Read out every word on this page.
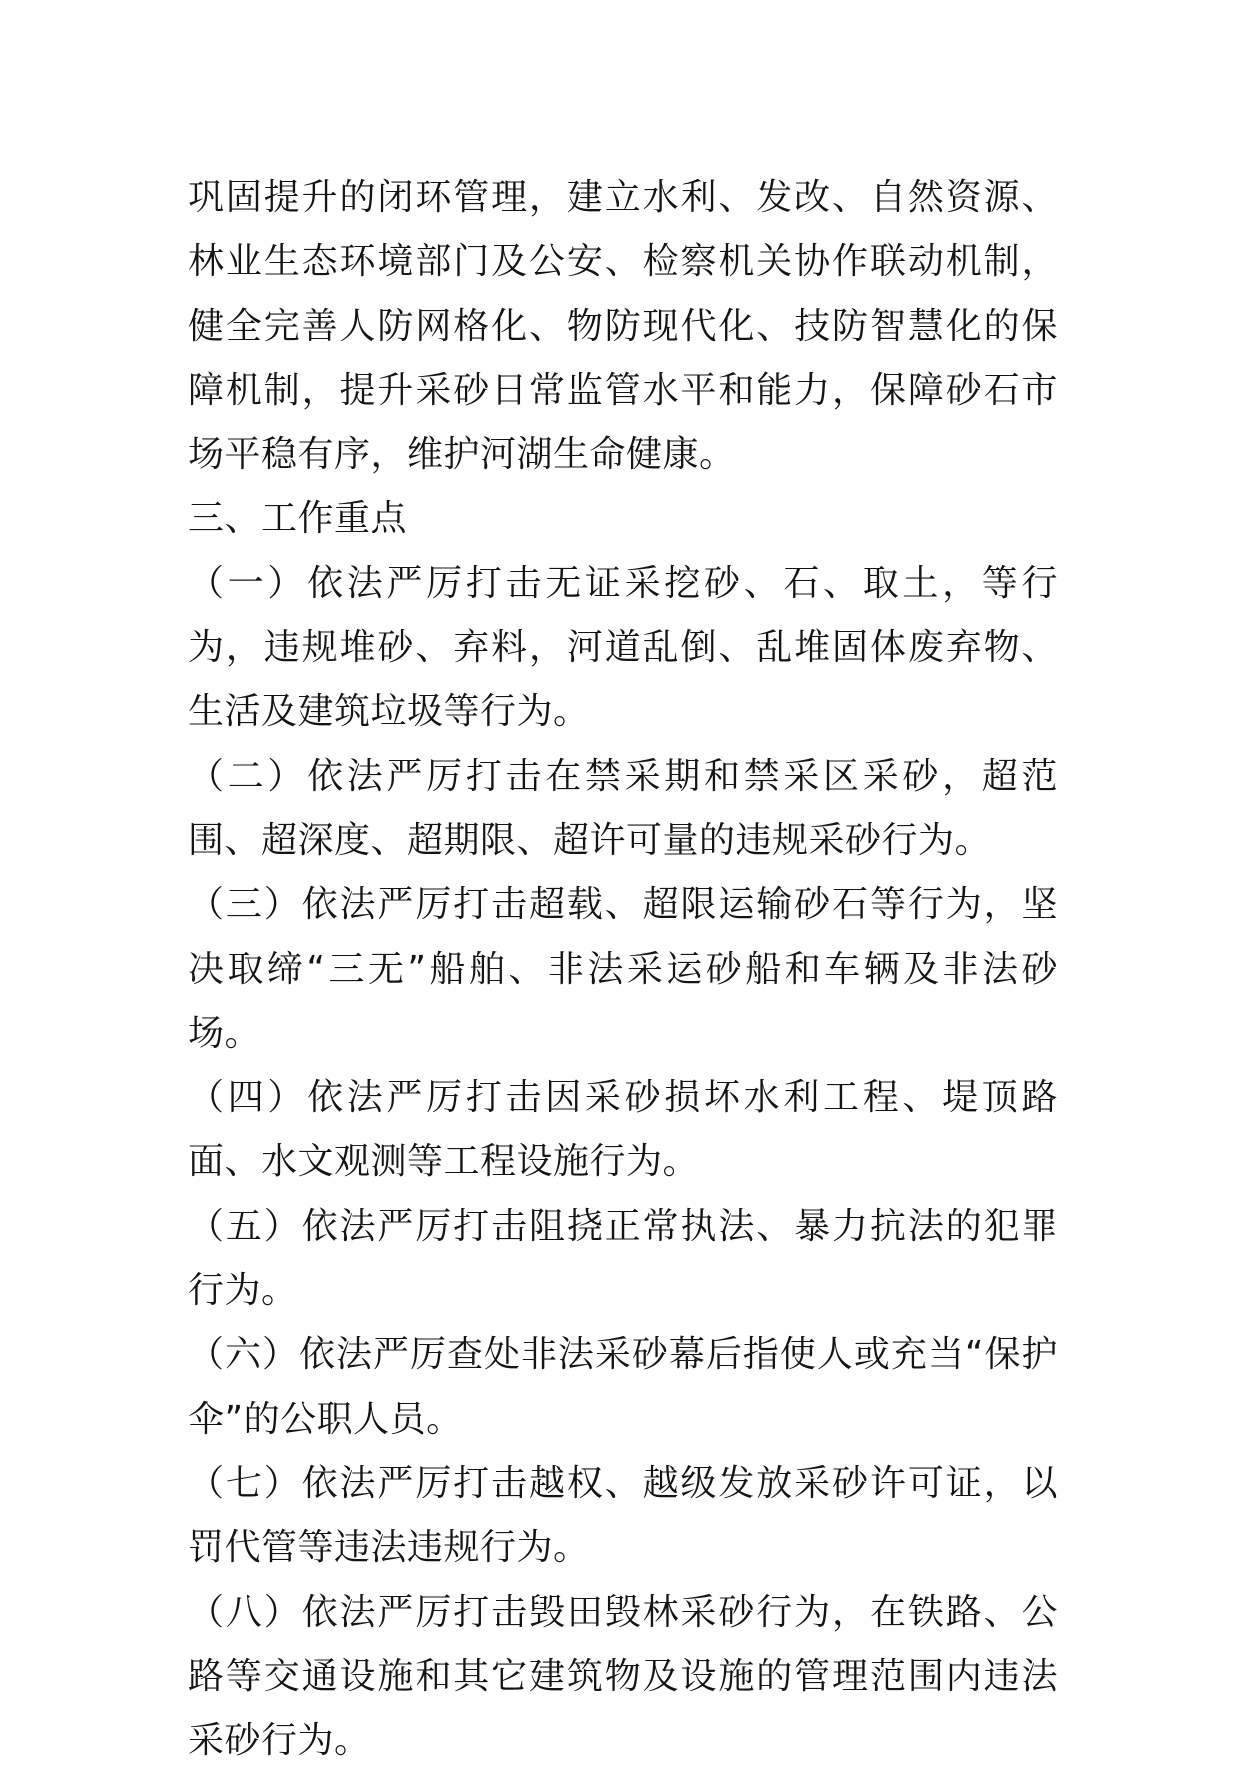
巩固提升的闭环管理，建立水利、发改、自然资源、林业生态环境部门及公安、检察机关协作联动机制，健全完善人防网格化、物防现代化、技防智慧化的保障机制，提升采砂日常监管水平和能力，保障砂石市场平稳有序，维护河湖生命健康。

三、工作重点

（一）依法严厉打击无证采挖砂、石、取土，等行为，违规堆砂、弃料，河道乱倒、乱堆固体废弃物、生活及建筑垃圾等行为。

（二）依法严厉打击在禁采期和禁采区采砂，超范围、超深度、超期限、超许可量的违规采砂行为。

（三）依法严厉打击超载、超限运输砂石等行为，坚决取缔“三无”船舶、非法采运砂船和车辆及非法砂场。

（四）依法严厉打击因采砂损坏水利工程、堤顶路面、水文观测等工程设施行为。

（五）依法严厉打击阻挠正常执法、暴力抗法的犯罪行为。

（六）依法严厉查处非法采砂幕后指使人或充当“保护伞”的公职人员。

（七）依法严厉打击越权、越级发放采砂许可证，以罚代管等违法违规行为。

（八）依法严厉打击毁田毁林采砂行为，在铁路、公路等交通设施和其它建筑物及设施的管理范围内违法采砂行为。
